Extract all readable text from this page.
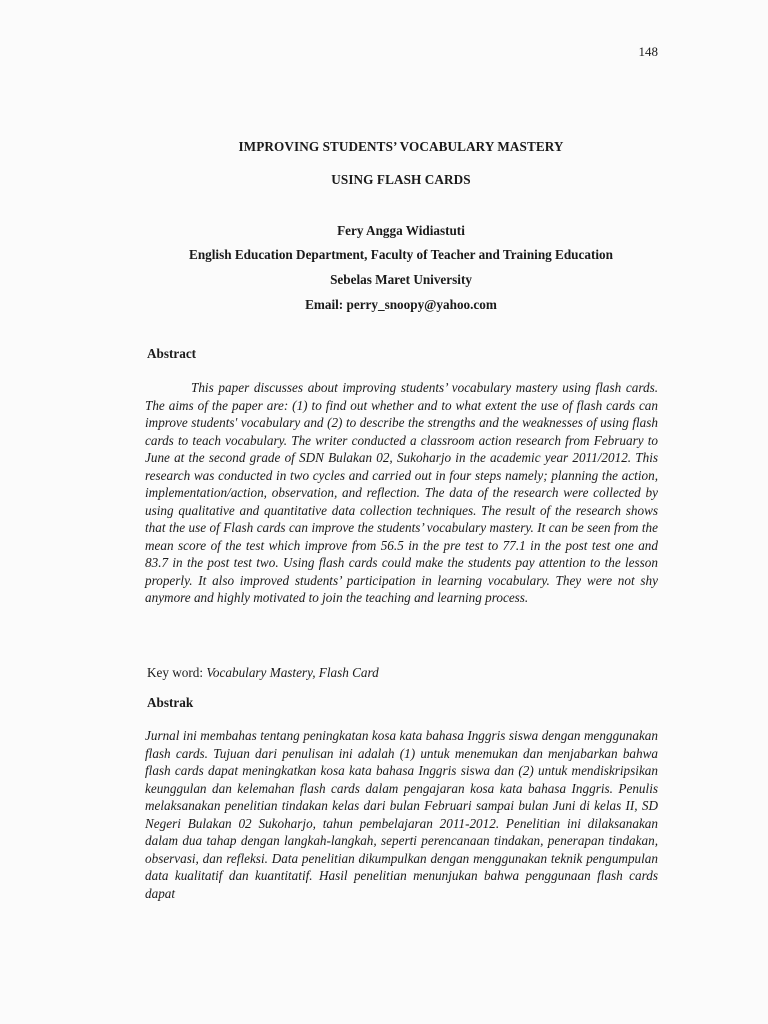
148
IMPROVING STUDENTS’ VOCABULARY MASTERY
USING FLASH CARDS
Fery Angga Widiastuti
English Education Department, Faculty of Teacher and Training Education
Sebelas Maret University
Email: perry_snoopy@yahoo.com
Abstract

This paper discusses about improving students’ vocabulary mastery using flash cards. The aims of the paper are: (1) to find out whether and to what extent the use of flash cards can improve students' vocabulary and (2) to describe the strengths and the weaknesses of using flash cards to teach vocabulary. The writer conducted a classroom action research from February to June at the second grade of SDN Bulakan 02, Sukoharjo in the academic year 2011/2012. This research was conducted in two cycles and carried out in four steps namely; planning the action, implementation/action, observation, and reflection. The data of the research were collected by using qualitative and quantitative data collection techniques. The result of the research shows that the use of Flash cards can improve the students’ vocabulary mastery. It can be seen from the mean score of the test which improve from 56.5 in the pre test to 77.1 in the post test one and 83.7 in the post test two. Using flash cards could make the students pay attention to the lesson properly. It also improved students’ participation in learning vocabulary. They were not shy anymore and highly motivated to join the teaching and learning process.

Key word: Vocabulary Mastery, Flash Card
Abstrak

Jurnal ini membahas tentang peningkatan kosa kata bahasa Inggris siswa dengan menggunakan flash cards. Tujuan dari penulisan ini adalah (1) untuk menemukan dan menjabarkan bahwa flash cards dapat meningkatkan kosa kata bahasa Inggris siswa dan (2) untuk mendiskripsikan keunggulan dan kelemahan flash cards dalam pengajaran kosa kata bahasa Inggris. Penulis melaksanakan penelitian tindakan kelas dari bulan Februari sampai bulan Juni di kelas II, SD Negeri Bulakan 02 Sukoharjo, tahun pembelajaran 2011-2012. Penelitian ini dilaksanakan dalam dua tahap dengan langkah-langkah, seperti perencanaan tindakan, penerapan tindakan, observasi, dan refleksi. Data penelitian dikumpulkan dengan menggunakan teknik pengumpulan data kualitatif dan kuantitatif. Hasil penelitian menunjukan bahwa penggunaan flash cards dapat
